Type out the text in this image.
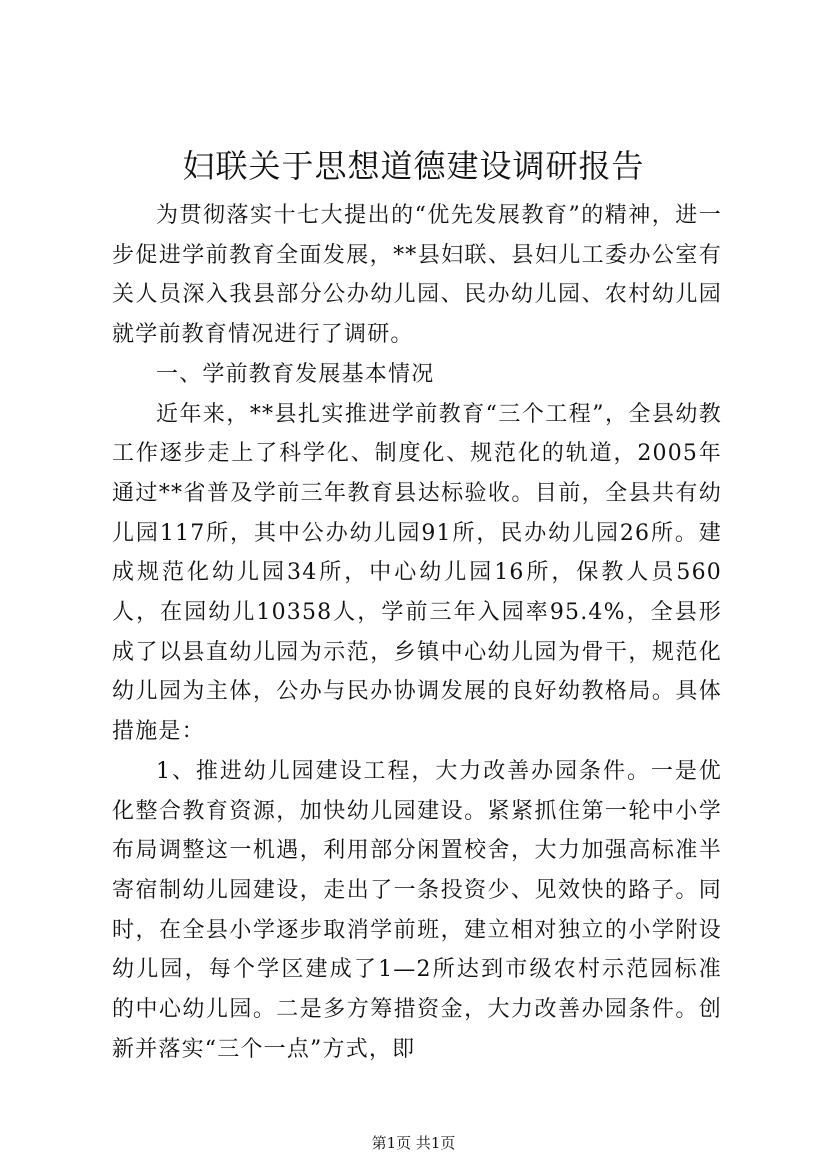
妇联关于思想道德建设调研报告

为贯彻落实十七大提出的“优先发展教育”的精神，进一步促进学前教育全面发展，**县妇联、县妇儿工委办公室有关人员深入我县部分公办幼儿园、民办幼儿园、农村幼儿园就学前教育情况进行了调研。

一、学前教育发展基本情况

近年来，**县扎实推进学前教育“三个工程”，全县幼教工作逐步走上了科学化、制度化、规范化的轨道，2005年通过**省普及学前三年教育县达标验收。目前，全县共有幼儿园117所，其中公办幼儿园91所，民办幼儿园26所。建成规范化幼儿园34所，中心幼儿园16所，保教人员560人，在园幼儿10358人，学前三年入园率95.4%，全县形成了以县直幼儿园为示范，乡镇中心幼儿园为骨干，规范化幼儿园为主体，公办与民办协调发展的良好幼教格局。具体措施是：

1、推进幼儿园建设工程，大力改善办园条件。一是优化整合教育资源，加快幼儿园建设。紧紧抓住第一轮中小学布局调整这一机遇，利用部分闲置校舍，大力加强高标准半寄宿制幼儿园建设，走出了一条投资少、见效快的路子。同时，在全县小学逐步取消学前班，建立相对独立的小学附设幼儿园，每个学区建成了1—2所达到市级农村示范园标准的中心幼儿园。二是多方筹措资金，大力改善办园条件。创新并落实“三个一点”方式，即

第1页 共1页
